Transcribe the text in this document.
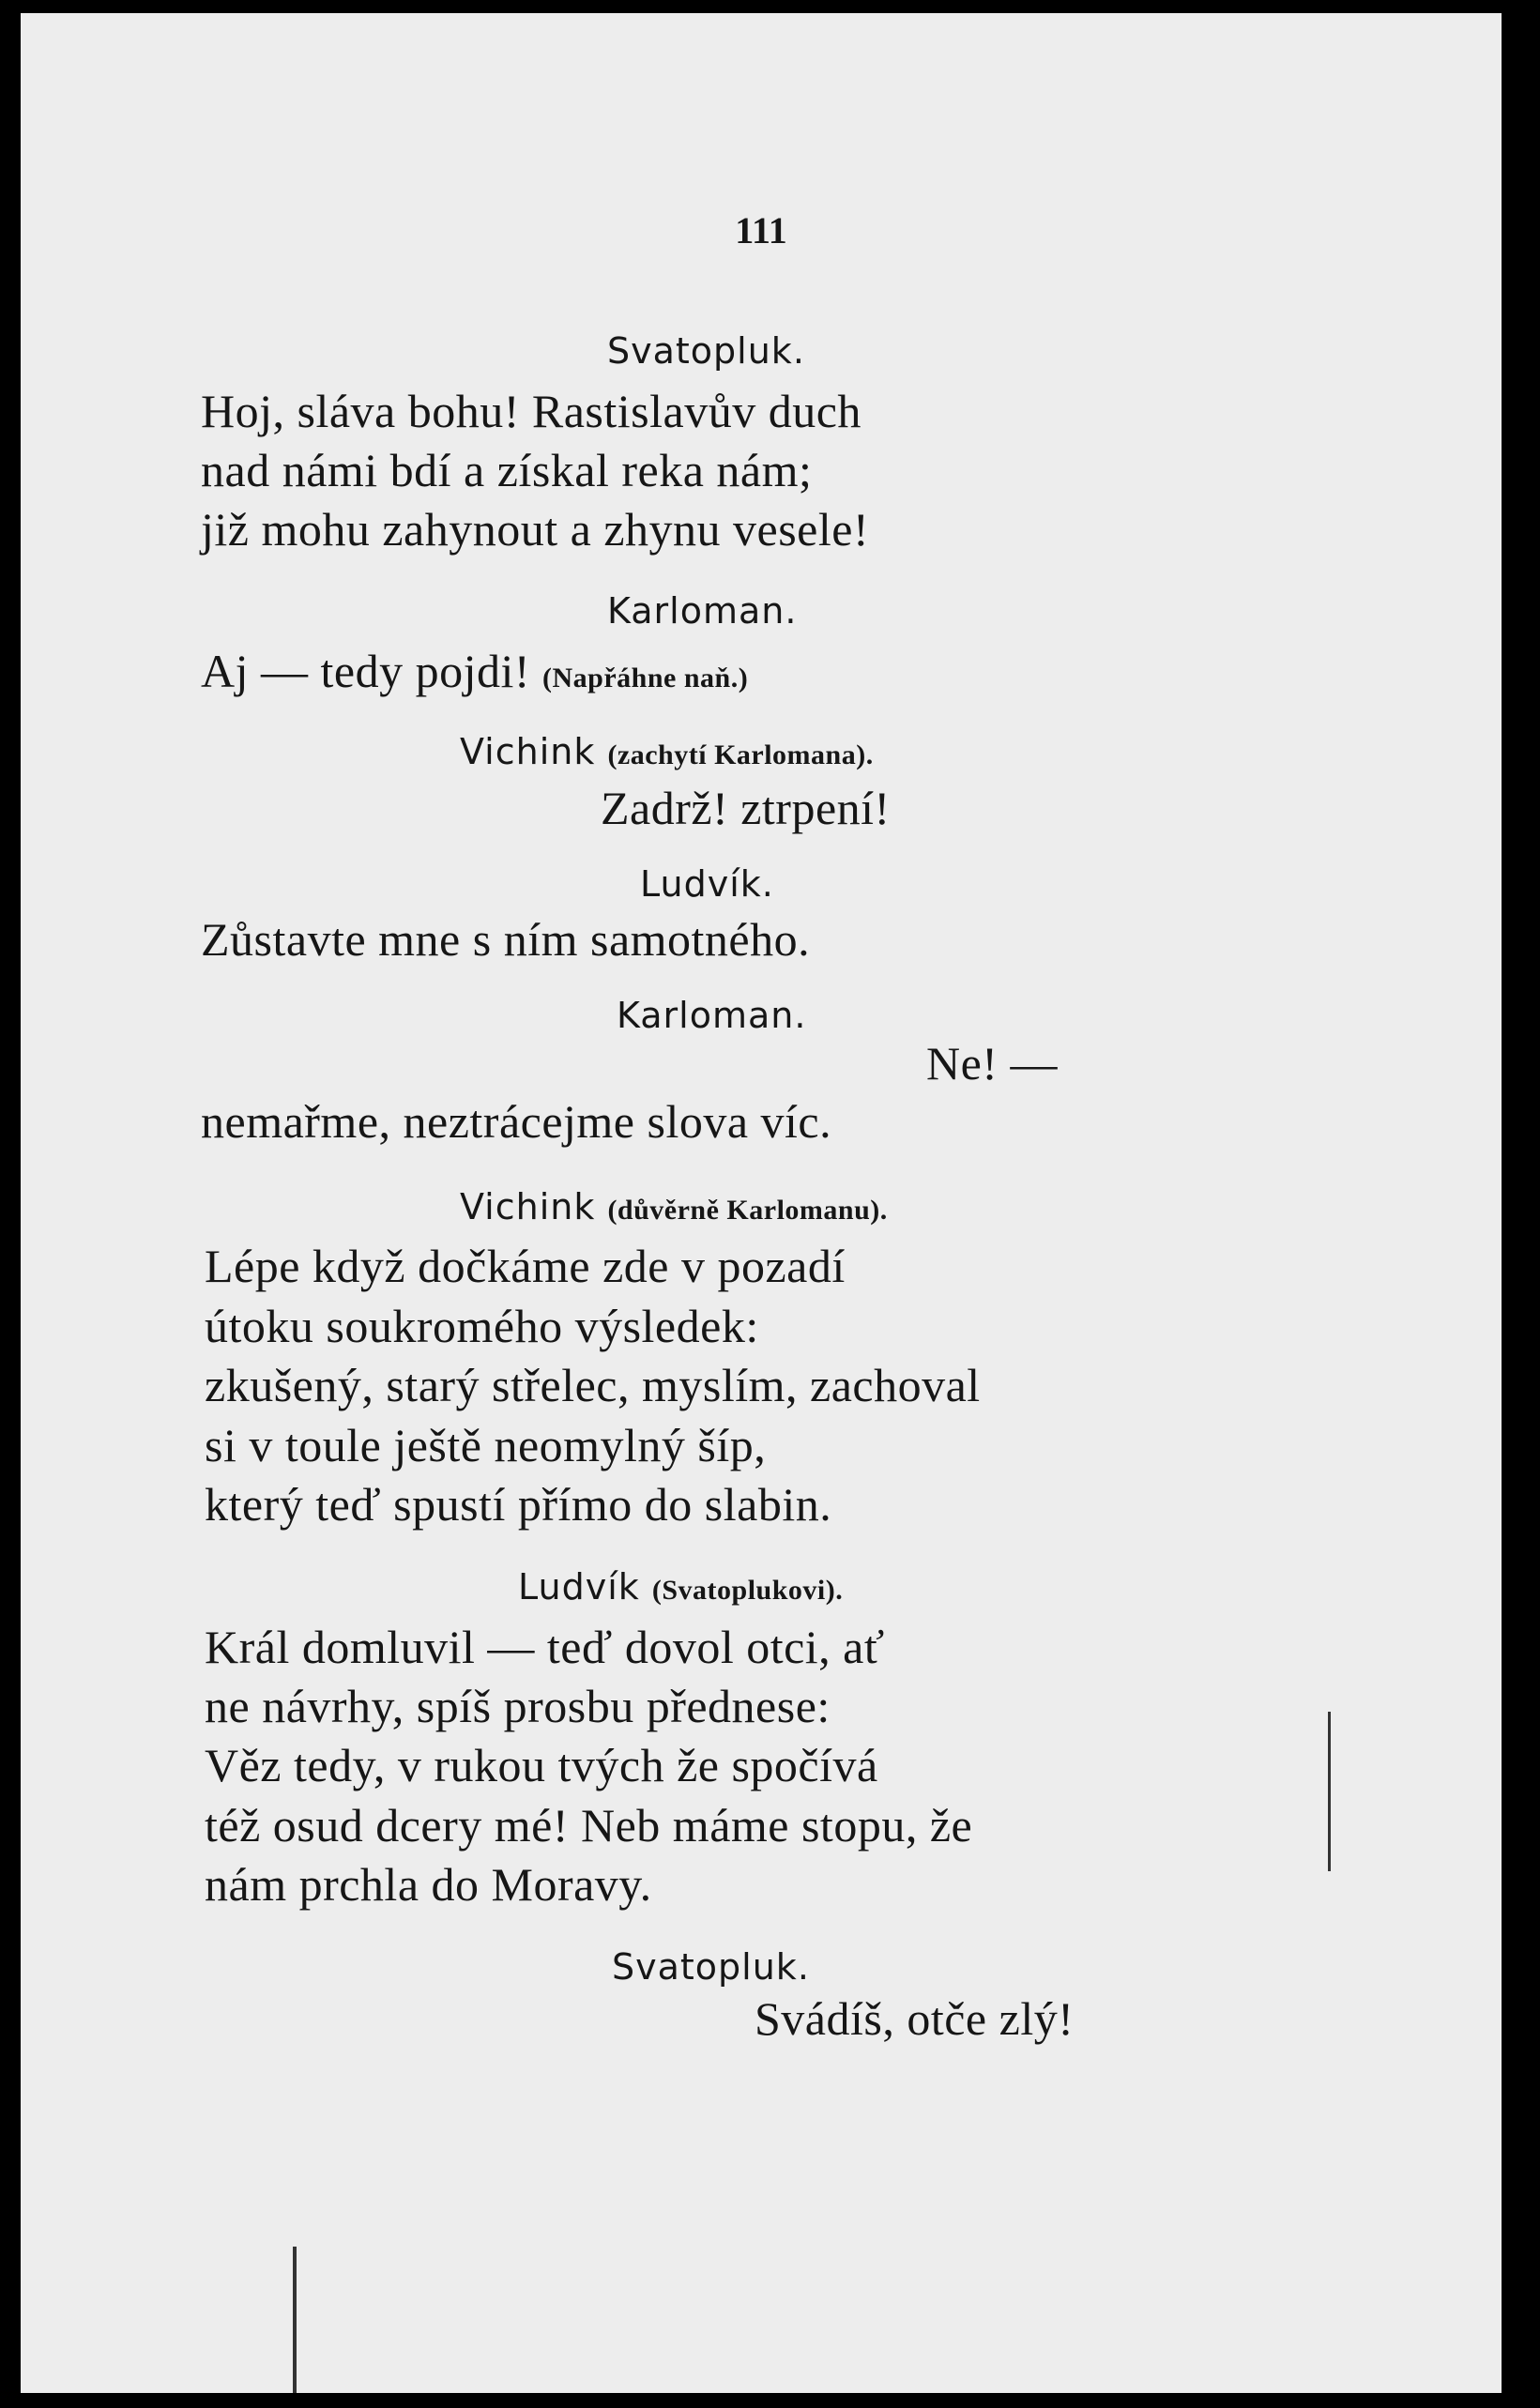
111
Svatopluk.
Hoj, sláva bohu! Rastislavův duch
nad námi bdí a získal reka nám;
již mohu zahynout a zhynu vesele!
Karloman.
Aj — tedy pojdi! (Napřáhne naň.)
Vichink (zachytí Karlomana).
Zadrž! ztrpení!
Ludvík.
Zůstavte mne s ním samotného.
Karloman.
Ne! —
nemařme, neztrácejme slova víc.
Vichink (důvěrně Karlomanu).
Lépe když dočkáme zde v pozadí
útoku soukromého výsledek:
zkušený, starý střelec, myslím, zachoval
si v toule ještě neomylný šíp,
který teď spustí přímo do slabin.
Ludvík (Svatoplukovi).
Král domluvil — teď dovol otci, ať
ne návrhy, spíš prosbu přednese:
Věz tedy, v rukou tvých že spočívá
též osud dcery mé! Neb máme stopu, že
nám prchla do Moravy.
Svatopluk.
Svádíš, otče zlý!
